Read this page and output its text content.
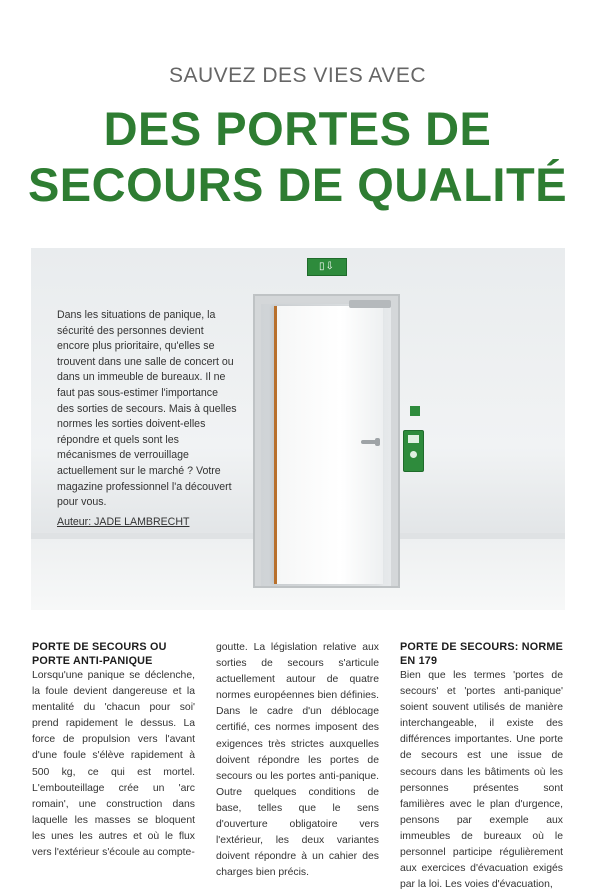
SAUVEZ DES VIES AVEC
DES PORTES DE
SECOURS DE QUALITÉ
▯⇩
Dans les situations de panique, la sécurité des personnes devient encore plus prioritaire, qu'elles se trouvent dans une salle de concert ou dans un immeuble de bureaux. Il ne faut pas sous-estimer l'importance des sorties de secours. Mais à quelles normes les sorties doivent-elles répondre et quels sont les mécanismes de verrouillage actuellement sur le marché ? Votre magazine professionnel l'a découvert pour vous.
Auteur: JADE LAMBRECHT
PORTE DE SECOURS OU PORTE ANTI-PANIQUE

Lorsqu'une panique se déclenche, la foule devient dangereuse et la mentalité du 'chacun pour soi' prend rapidement le dessus. La force de propulsion vers l'avant d'une foule s'élève rapidement à 500 kg, ce qui est mortel. L'embouteillage crée un 'arc romain', une construction dans laquelle les masses se bloquent les unes les autres et où le flux vers l'extérieur s'écoule au compte-

goutte. La législation relative aux sorties de secours s'articule actuellement autour de quatre normes européennes bien définies. Dans le cadre d'un déblocage certifié, ces normes imposent des exigences très strictes auxquelles doivent répondre les portes de secours ou les portes anti-panique. Outre quelques conditions de base, telles que le sens d'ouverture obligatoire vers l'extérieur, les deux variantes doivent répondre à un cahier des charges bien précis.

PORTE DE SECOURS: NORME EN 179

Bien que les termes 'portes de secours' et 'portes anti-panique' soient souvent utilisés de manière interchangeable, il existe des différences importantes. Une porte de secours est une issue de secours dans les bâtiments où les personnes présentes sont familières avec le plan d'urgence, pensons par exemple aux immeubles de bureaux où le personnel participe régulièrement aux exercices d'évacuation exigés par la loi. Les voies d'évacuation,
